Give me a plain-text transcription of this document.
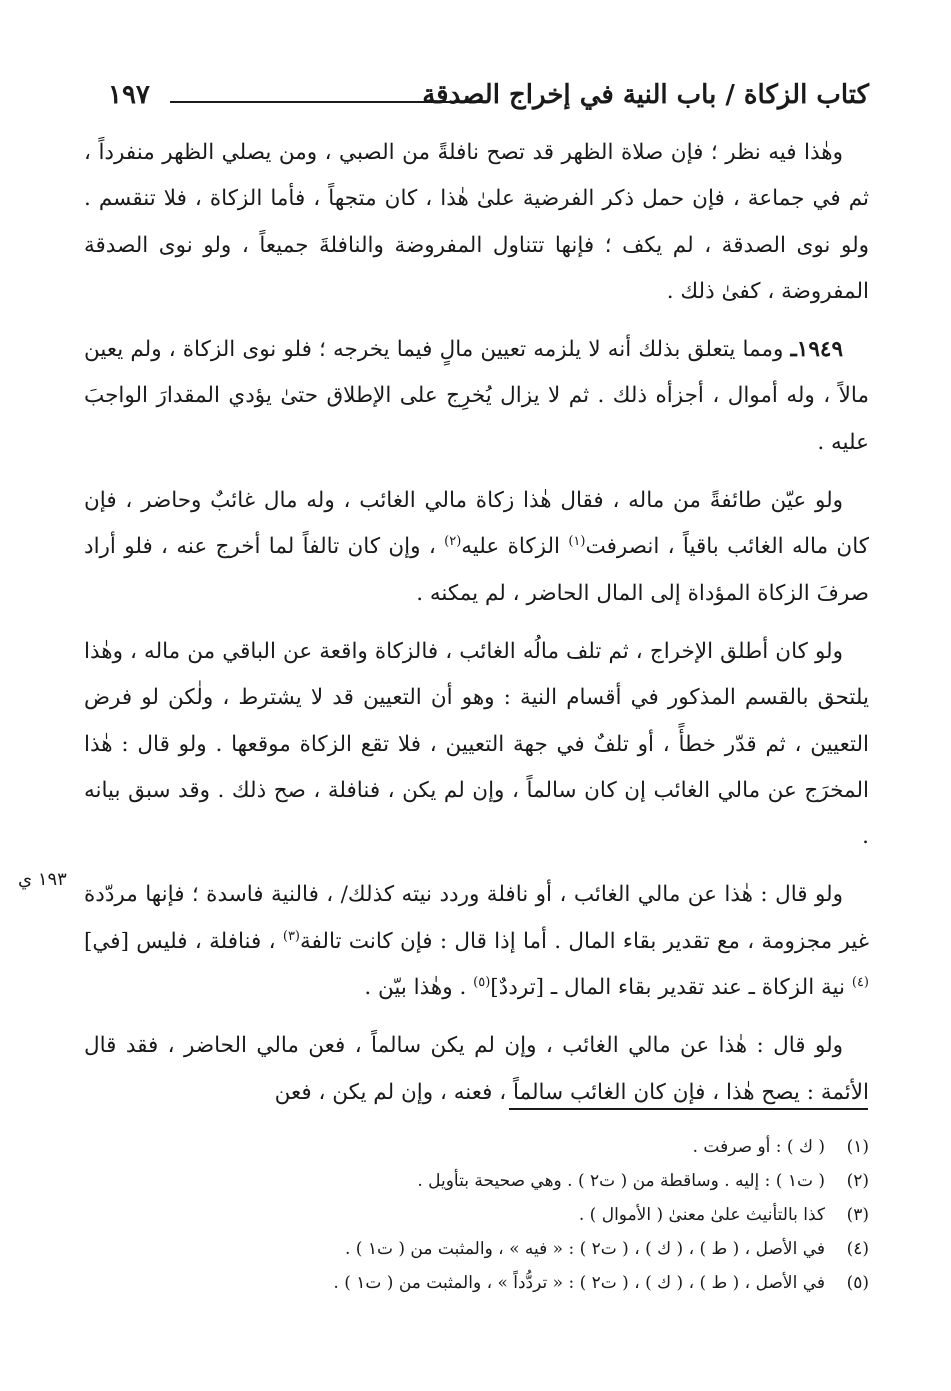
كتاب الزكاة / باب النية في إخراج الصدقة
١٩٧
١٩٣ ي

وهٰذا فيه نظر ؛ فإن صلاة الظهر قد تصح نافلةً من الصبي ، ومن يصلي الظهر منفرداً ، ثم في جماعة ، فإن حمل ذكر الفرضية علىٰ هٰذا ، كان متجهاً ، فأما الزكاة ، فلا تنقسم . ولو نوى الصدقة ، لم يكف ؛ فإنها تتناول المفروضة والنافلةَ جميعاً ، ولو نوى الصدقة المفروضة ، كفىٰ ذلك .

١٩٤٩ـ ومما يتعلق بذلك أنه لا يلزمه تعيين مالٍ فيما يخرجه ؛ فلو نوى الزكاة ، ولم يعين مالاً ، وله أموال ، أجزأه ذلك . ثم لا يزال يُخرِج على الإطلاق حتىٰ يؤدي المقدارَ الواجبَ عليه .

ولو عيّن طائفةً من ماله ، فقال هٰذا زكاة مالي الغائب ، وله مال غائبٌ وحاضر ، فإن كان ماله الغائب باقياً ، انصرفت$^{(١)}$ الزكاة عليه$^{(٢)}$ ، وإن كان تالفاً لما أخرج عنه ، فلو أراد صرفَ الزكاة المؤداة إلى المال الحاضر ، لم يمكنه .

ولو كان أطلق الإخراج ، ثم تلف مالُه الغائب ، فالزكاة واقعة عن الباقي من ماله ، وهٰذا يلتحق بالقسم المذكور في أقسام النية : وهو أن التعيين قد لا يشترط ، ولٰكن لو فرض التعيين ، ثم قدّر خطأً ، أو تلفٌ في جهة التعيين ، فلا تقع الزكاة موقعها . ولو قال : هٰذا المخرَج عن مالي الغائب إن كان سالماً ، وإن لم يكن ، فنافلة ، صح ذلك . وقد سبق بيانه .

ولو قال : هٰذا عن مالي الغائب ، أو نافلة وردد نيته كذلك/ ، فالنية فاسدة ؛ فإنها مردّدة غير مجزومة ، مع تقدير بقاء المال . أما إذا قال : فإن كانت تالفة$^{(٣)}$ ، فنافلة ، فليس [في]$^{(٤)}$ نية الزكاة ـ عند تقدير بقاء المال ـ [ترددٌ]$^{(٥)}$ . وهٰذا بيّن .

ولو قال : هٰذا عن مالي الغائب ، وإن لم يكن سالماً ، فعن مالي الحاضر ، فقد قال الأئمة : يصح هٰذا ، فإن كان الغائب سالماً ، فعنه ، وإن لم يكن ، فعن

(١)( ك ) : أو صرفت .
(٢)( ت١ ) : إليه . وساقطة من ( ت٢ ) . وهي صحيحة بتأويل .
(٣)كذا بالتأنيث علىٰ معنىٰ ( الأموال ) .
(٤)في الأصل ، ( ط ) ، ( ك ) ، ( ت٢ ) : « فيه » ، والمثبت من ( ت١ ) .
(٥)في الأصل ، ( ط ) ، ( ك ) ، ( ت٢ ) : « تردُّداً » ، والمثبت من ( ت١ ) .
